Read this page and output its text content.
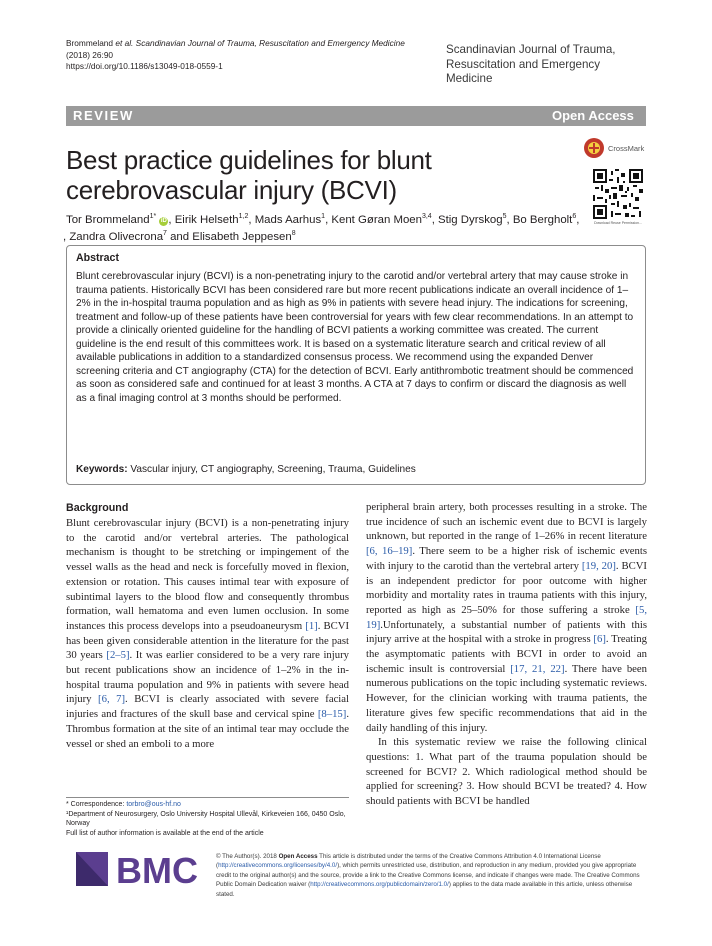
Brommeland et al. Scandinavian Journal of Trauma, Resuscitation and Emergency Medicine
(2018) 26:90
https://doi.org/10.1186/s13049-018-0559-1
Scandinavian Journal of Trauma,
Resuscitation and Emergency Medicine
REVIEW	Open Access
Best practice guidelines for blunt
cerebrovascular injury (BCVI)
CrossMark
Download Reuse Permission...
Tor Brommeland$^{1*}$ iD , Eirik Helseth$^{1,2}$, Mads Aarhus$^1$, Kent Gøran Moen$^{3,4}$, Stig Dyrskog$^5$, Bo Bergholt$^6$,
, Zandra Olivecrona$^7$ and Elisabeth Jeppesen$^8$
Abstract
Blunt cerebrovascular injury (BCVI) is a non-penetrating injury to the carotid and/or vertebral artery that may cause stroke in trauma patients. Historically BCVI has been considered rare but more recent publications indicate an overall incidence of 1–2% in the in-hospital trauma population and as high as 9% in patients with severe head injury. The indications for screening, treatment and follow-up of these patients have been controversial for years with few clear recommendations. In an attempt to provide a clinically oriented guideline for the handling of BCVI patients a working committee was created. The current guideline is the end result of this committees work. It is based on a systematic literature search and critical review of all available publications in addition to a standardized consensus process. We recommend using the expanded Denver screening criteria and CT angiography (CTA) for the detection of BCVI. Early antithrombotic treatment should be commenced as soon as considered safe and continued for at least 3 months. A CTA at 7 days to confirm or discard the diagnosis as well as a final imaging control at 3 months should be performed.
Keywords: Vascular injury, CT angiography, Screening, Trauma, Guidelines
Background
Blunt cerebrovascular injury (BCVI) is a non-penetrating injury to the carotid and/or vertebral arteries. The pathological mechanism is thought to be stretching or impingement of the vessel walls as the head and neck is forcefully moved in flexion, extension or rotation. This causes intimal tear with exposure of subintimal layers to the blood flow and consequently thrombus formation, wall hematoma and even lumen occlusion. In some instances this process develops into a pseudoaneurysm [1]. BCVI has been given considerable attention in the literature for the past 30 years [2–5]. It was earlier considered to be a very rare injury but recent publications show an incidence of 1–2% in the in-hospital trauma population and 9% in patients with severe head injury [6, 7]. BCVI is clearly associated with severe facial injuries and fractures of the skull base and cervical spine [8–15]. Thrombus formation at the site of an intimal tear may occlude the vessel or shed an emboli to a more
peripheral brain artery, both processes resulting in a stroke. The true incidence of such an ischemic event due to BCVI is largely unknown, but reported in the range of 1–26% in recent literature [6, 16–19]. There seem to be a higher risk of ischemic events with injury to the carotid than the vertebral artery [19, 20]. BCVI is an independent predictor for poor outcome with higher morbidity and mortality rates in trauma patients with this injury, reported as high as 25–50% for those suffering a stroke [5, 19].Unfortunately, a substantial number of patients with this injury arrive at the hospital with a stroke in progress [6]. Treating the asymptomatic patients with BCVI in order to avoid an ischemic insult is controversial [17, 21, 22]. There have been numerous publications on the topic including systematic reviews. However, for the clinician working with trauma patients, the literature gives few specific recommendations that aid in the daily handling of this injury.
In this systematic review we raise the following clinical questions: 1. What part of the trauma population should be screened for BCVI? 2. Which radiological method should be applied for screening? 3. How should BCVI be treated? 4. How should patients with BCVI be handled
* Correspondence: torbro@ous-hf.no
¹Department of Neurosurgery, Oslo University Hospital Ullevål, Kirkeveien 166, 0450 Oslo, Norway
Full list of author information is available at the end of the article
BMC	© The Author(s). 2018 Open Access This article is distributed under the terms of the Creative Commons Attribution 4.0 International License (http://creativecommons.org/licenses/by/4.0/), which permits unrestricted use, distribution, and reproduction in any medium, provided you give appropriate credit to the original author(s) and the source, provide a link to the Creative Commons license, and indicate if changes were made. The Creative Commons Public Domain Dedication waiver (http://creativecommons.org/publicdomain/zero/1.0/) applies to the data made available in this article, unless otherwise stated.
